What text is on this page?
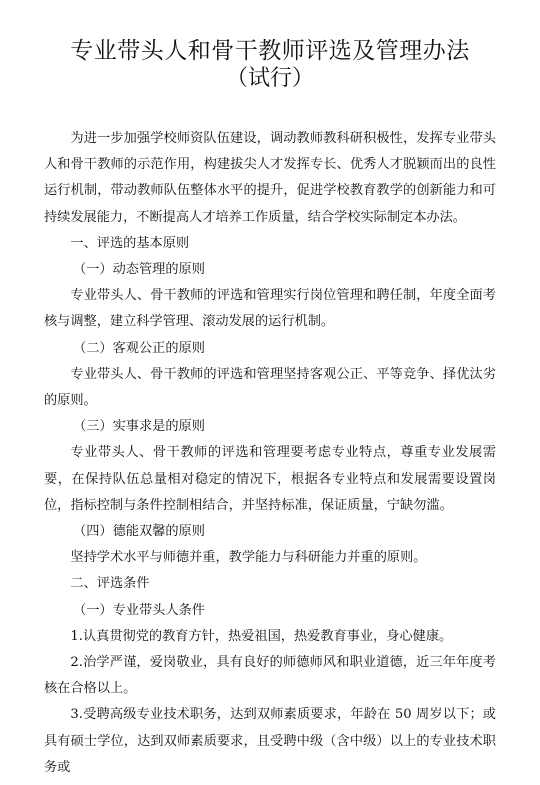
专业带头人和骨干教师评选及管理办法
（试行）

为进一步加强学校师资队伍建设，调动教师教科研积极性，发挥专业带头人和骨干教师的示范作用，构建拔尖人才发挥专长、优秀人才脱颖而出的良性运行机制，带动教师队伍整体水平的提升，促进学校教育教学的创新能力和可持续发展能力，不断提高人才培养工作质量，结合学校实际制定本办法。

一、评选的基本原则

（一）动态管理的原则

专业带头人、骨干教师的评选和管理实行岗位管理和聘任制，年度全面考核与调整，建立科学管理、滚动发展的运行机制。

（二）客观公正的原则

专业带头人、骨干教师的评选和管理坚持客观公正、平等竞争、择优汰劣的原则。

（三）实事求是的原则

专业带头人、骨干教师的评选和管理要考虑专业特点，尊重专业发展需要，在保持队伍总量相对稳定的情况下，根据各专业特点和发展需要设置岗位，指标控制与条件控制相结合，并坚持标准，保证质量，宁缺勿滥。

（四）德能双馨的原则

坚持学术水平与师德并重，教学能力与科研能力并重的原则。

二、评选条件

（一）专业带头人条件

1.认真贯彻党的教育方针，热爱祖国，热爱教育事业，身心健康。

2.治学严谨，爱岗敬业，具有良好的师德师风和职业道德，近三年年度考核在合格以上。

3.受聘高级专业技术职务，达到双师素质要求，年龄在 50 周岁以下；或具有硕士学位，达到双师素质要求，且受聘中级（含中级）以上的专业技术职务或
